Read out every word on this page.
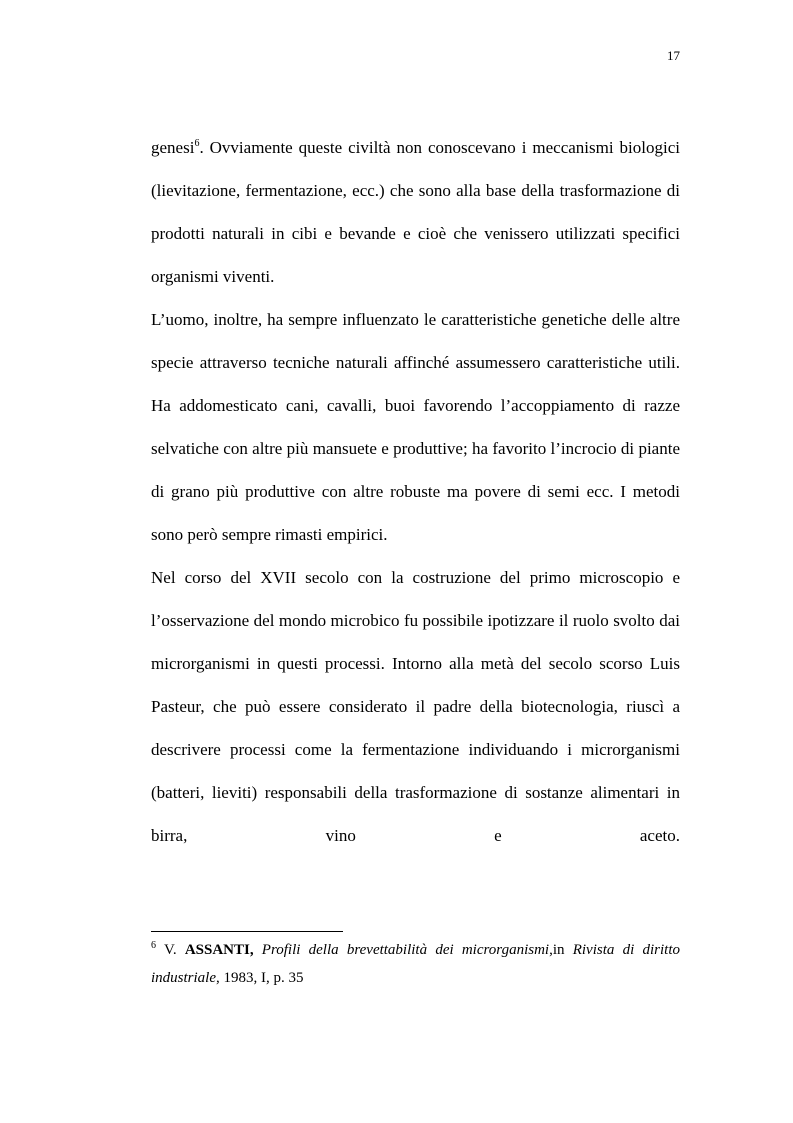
17

genesi$^6$. Ovviamente queste civiltà non conoscevano i meccanismi biologici (lievitazione, fermentazione, ecc.) che sono alla base della trasformazione di prodotti naturali in cibi e bevande e cioè che venissero utilizzati specifici organismi viventi.

L’uomo, inoltre, ha sempre influenzato le caratteristiche genetiche delle altre specie attraverso tecniche naturali affinché assumessero caratteristiche utili. Ha addomesticato cani, cavalli, buoi favorendo l’accoppiamento di razze selvatiche con altre più mansuete e produttive; ha favorito l’incrocio di piante di grano più produttive con altre robuste ma povere di semi ecc. I metodi sono però sempre rimasti empirici.

Nel corso del XVII secolo con la costruzione del primo microscopio e l’osservazione del mondo microbico fu possibile ipotizzare il ruolo svolto dai microrganismi in questi processi. Intorno alla metà del secolo scorso Luis Pasteur, che può essere considerato il padre della biotecnologia, riuscì a descrivere processi come la fermentazione individuando i microrganismi (batteri, lieviti) responsabili della trasformazione di sostanze alimentari in birra, vino e aceto.

$^6$ V. ASSANTI, Profili della brevettabilità dei microrganismi,in Rivista di diritto industriale, 1983, I, p. 35
